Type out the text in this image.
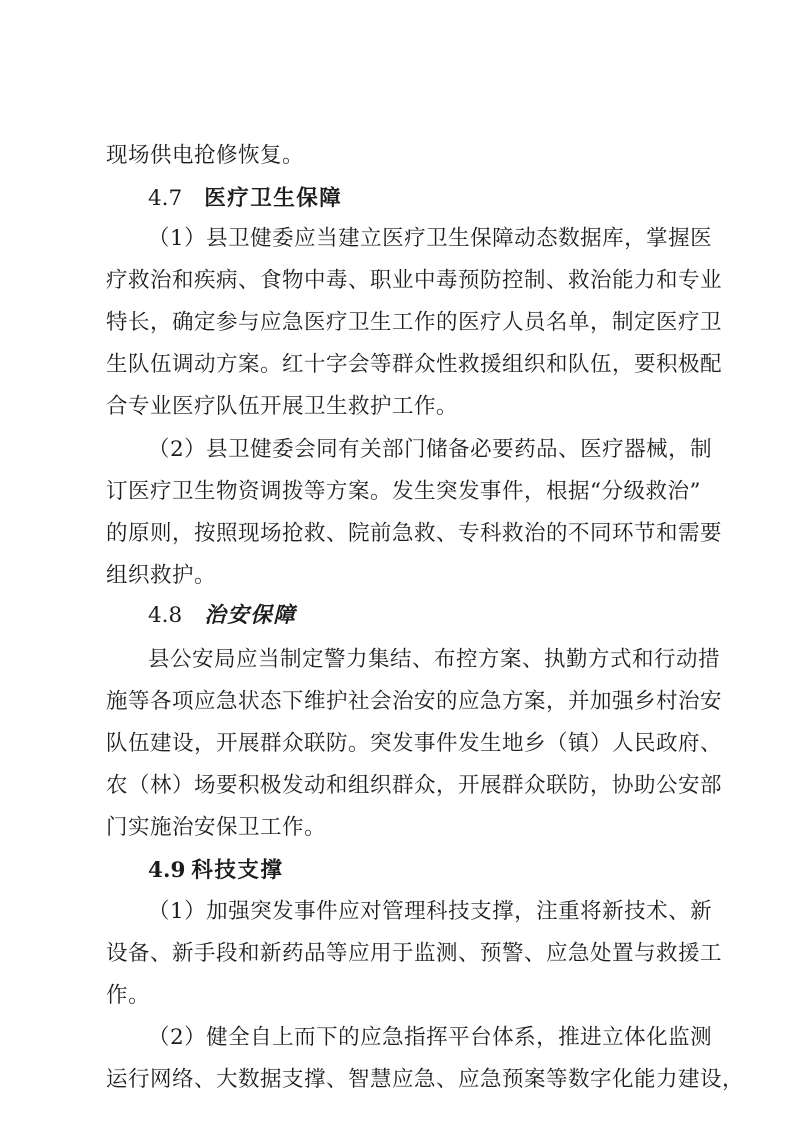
现场供电抢修恢复。
4.7 医疗卫生保障
（1）县卫健委应当建立医疗卫生保障动态数据库，掌握医
疗救治和疾病、食物中毒、职业中毒预防控制、救治能力和专业
特长，确定参与应急医疗卫生工作的医疗人员名单，制定医疗卫
生队伍调动方案。红十字会等群众性救援组织和队伍，要积极配
合专业医疗队伍开展卫生救护工作。
（2）县卫健委会同有关部门储备必要药品、医疗器械，制
订医疗卫生物资调拨等方案。发生突发事件，根据“分级救治”
的原则，按照现场抢救、院前急救、专科救治的不同环节和需要
组织救护。
4.8 治安保障
县公安局应当制定警力集结、布控方案、执勤方式和行动措
施等各项应急状态下维护社会治安的应急方案，并加强乡村治安
队伍建设，开展群众联防。突发事件发生地乡（镇）人民政府、
农（林）场要积极发动和组织群众，开展群众联防，协助公安部
门实施治安保卫工作。
4.9 科技支撑
（1）加强突发事件应对管理科技支撑，注重将新技术、新
设备、新手段和新药品等应用于监测、预警、应急处置与救援工
作。
（2）健全自上而下的应急指挥平台体系，推进立体化监测
运行网络、大数据支撑、智慧应急、应急预案等数字化能力建设，
